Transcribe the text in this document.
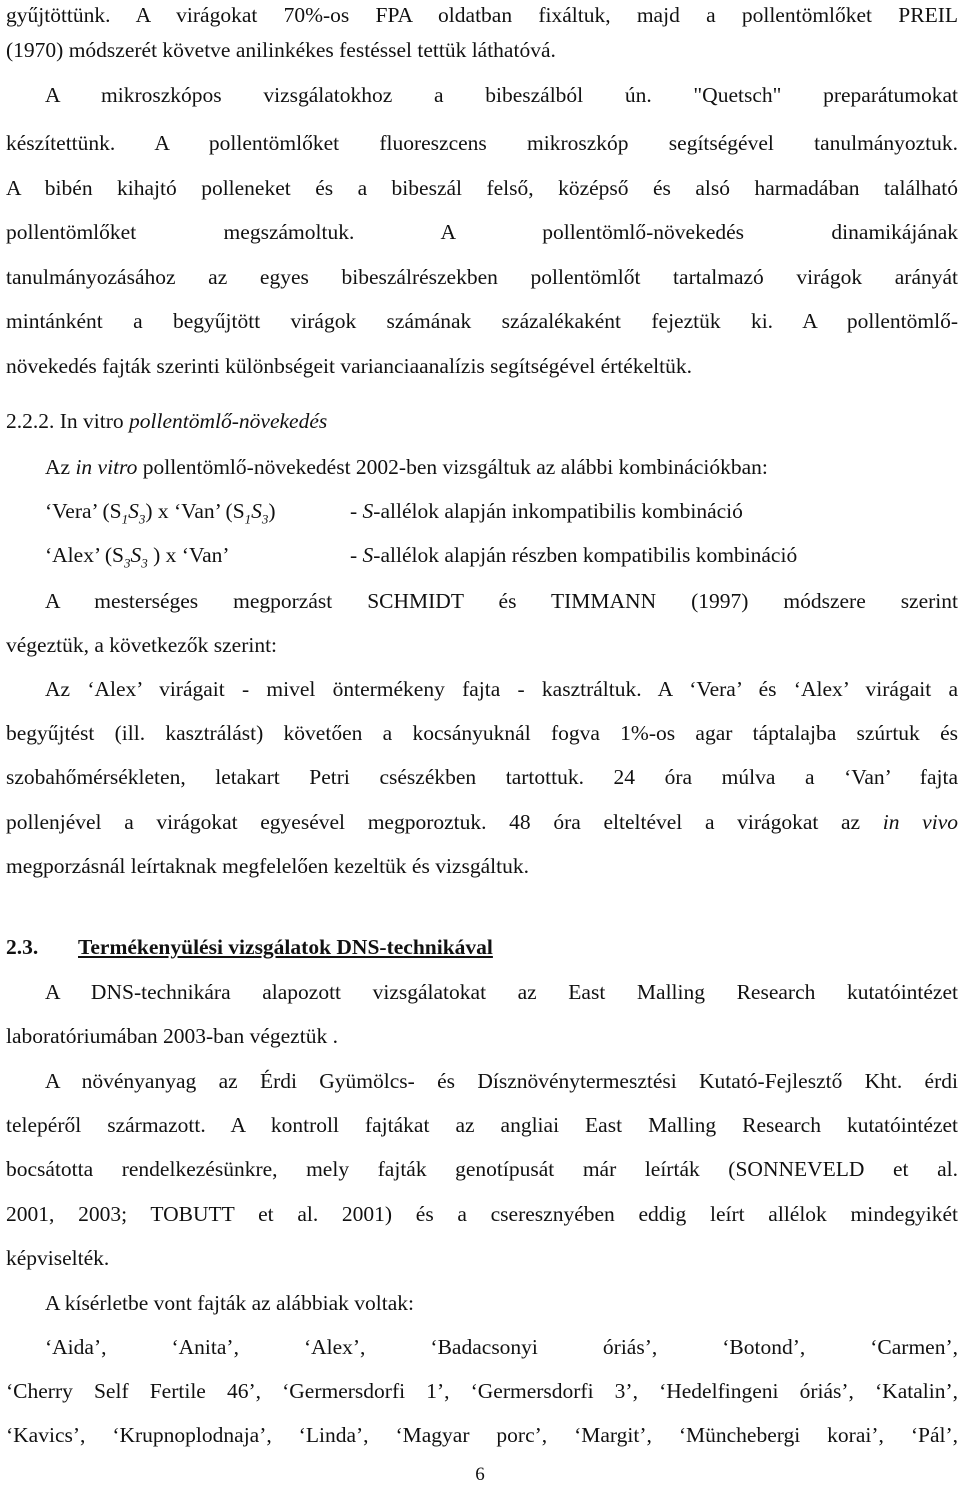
gyűjtöttünk. A virágokat 70%-os FPA oldatban fixáltuk, majd a pollentömlőket PREIL
(1970) módszerét követve anilinkékes festéssel tettük láthatóvá.
A mikroszkópos vizsgálatokhoz a bibeszálból ún. "Quetsch" preparátumokat
készítettünk. A pollentömlőket fluoreszcens mikroszkóp segítségével tanulmányoztuk.
A bibén kihajtó polleneket és a bibeszál felső, középső és alsó harmadában található
pollentömlőket megszámoltuk. A pollentömlő-növekedés dinamikájának
tanulmányozásához az egyes bibeszálrészekben pollentömlőt tartalmazó virágok arányát
mintánként a begyűjtött virágok számának százalékaként fejeztük ki. A pollentömlő-
növekedés fajták szerinti különbségeit varianciaanalízis segítségével értékeltük.
2.2.2. In vitro pollentömlő-növekedés
Az in vitro pollentömlő-növekedést 2002-ben vizsgáltuk az alábbi kombinációkban:
‘Vera’ $(S_1S_3)$ x ‘Van’ $(S_1S_3)$	- S-allélok alapján inkompatibilis kombináció
‘Alex’ ($S_3S_3$ ) x ‘Van’	- S-allélok alapján részben kompatibilis kombináció
A mesterséges megporzást SCHMIDT és TIMMANN (1997) módszere szerint
végeztük, a következők szerint:
Az ‘Alex’ virágait - mivel öntermékeny fajta - kasztráltuk. A ‘Vera’ és ‘Alex’ virágait a
begyűjtést (ill. kasztrálást) követően a kocsányuknál fogva 1%-os agar táptalajba szúrtuk és
szobahőmérsékleten, letakart Petri csészékben tartottuk. 24 óra múlva a ‘Van’ fajta
pollenjével a virágokat egyesével megporoztuk. 48 óra elteltével a virágokat az in vivo
megporzásnál leírtaknak megfelelően kezeltük és vizsgáltuk.
2.3. Termékenyülési vizsgálatok DNS-technikával
A DNS-technikára alapozott vizsgálatokat az East Malling Research kutatóintézet
laboratóriumában 2003-ban végeztük .
A növényanyag az Érdi Gyümölcs- és Dísznövénytermesztési Kutató-Fejlesztő Kht. érdi
telepéről származott. A kontroll fajtákat az angliai East Malling Research kutatóintézet
bocsátotta rendelkezésünkre, mely fajták genotípusát már leírták (SONNEVELD et al.
2001, 2003; TOBUTT et al. 2001) és a cseresznyében eddig leírt allélok mindegyikét
képviselték.
A kísérletbe vont fajták az alábbiak voltak:
‘Aida’, ‘Anita’, ‘Alex’, ‘Badacsonyi óriás’, ‘Botond’, ‘Carmen’,
‘Cherry Self Fertile 46’, ‘Germersdorfi 1’, ‘Germersdorfi 3’, ‘Hedelfingeni óriás’, ‘Katalin’,
‘Kavics’, ‘Krupnoplodnaja’, ‘Linda’, ‘Magyar porc’, ‘Margit’, ‘Münchebergi korai’, ‘Pál’,
6
